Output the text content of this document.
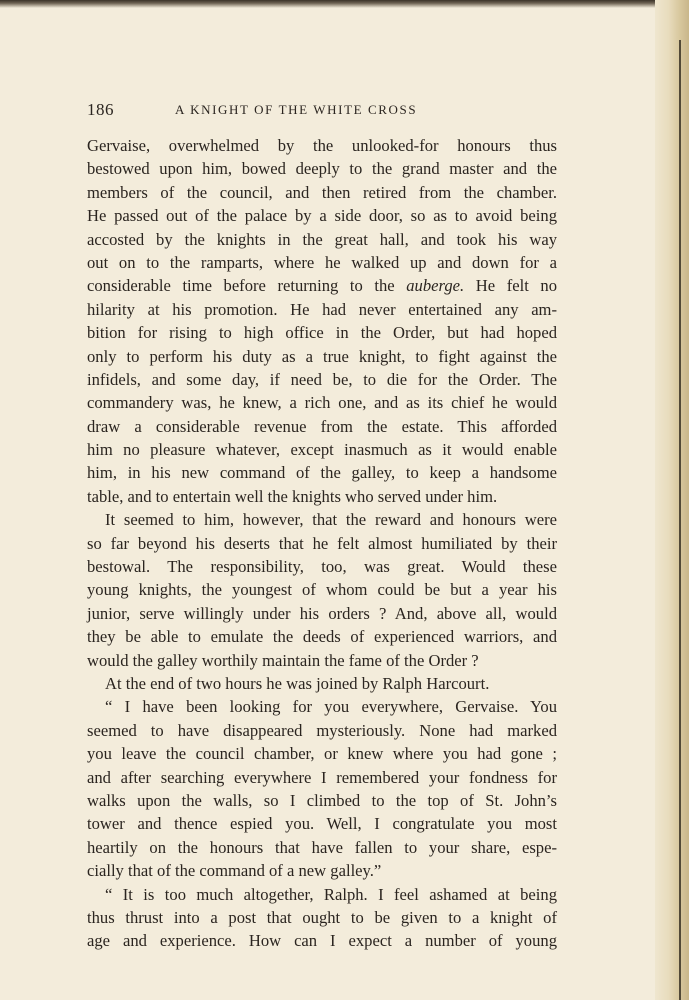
186	A KNIGHT OF THE WHITE CROSS
Gervaise, overwhelmed by the unlooked-for honours thus
bestowed upon him, bowed deeply to the grand master and the
members of the council, and then retired from the chamber.
He passed out of the palace by a side door, so as to avoid being
accosted by the knights in the great hall, and took his way
out on to the ramparts, where he walked up and down for a
considerable time before returning to the auberge. He felt no
hilarity at his promotion. He had never entertained any am-
bition for rising to high office in the Order, but had hoped
only to perform his duty as a true knight, to fight against the
infidels, and some day, if need be, to die for the Order. The
commandery was, he knew, a rich one, and as its chief he would
draw a considerable revenue from the estate. This afforded
him no pleasure whatever, except inasmuch as it would enable
him, in his new command of the galley, to keep a handsome
table, and to entertain well the knights who served under him.
It seemed to him, however, that the reward and honours were
so far beyond his deserts that he felt almost humiliated by their
bestowal. The responsibility, too, was great. Would these
young knights, the youngest of whom could be but a year his
junior, serve willingly under his orders ? And, above all, would
they be able to emulate the deeds of experienced warriors, and
would the galley worthily maintain the fame of the Order ?
At the end of two hours he was joined by Ralph Harcourt.
“ I have been looking for you everywhere, Gervaise. You
seemed to have disappeared mysteriously. None had marked
you leave the council chamber, or knew where you had gone ;
and after searching everywhere I remembered your fondness for
walks upon the walls, so I climbed to the top of St. John’s
tower and thence espied you. Well, I congratulate you most
heartily on the honours that have fallen to your share, espe-
cially that of the command of a new galley.”
“ It is too much altogether, Ralph. I feel ashamed at being
thus thrust into a post that ought to be given to a knight of
age and experience. How can I expect a number of young
